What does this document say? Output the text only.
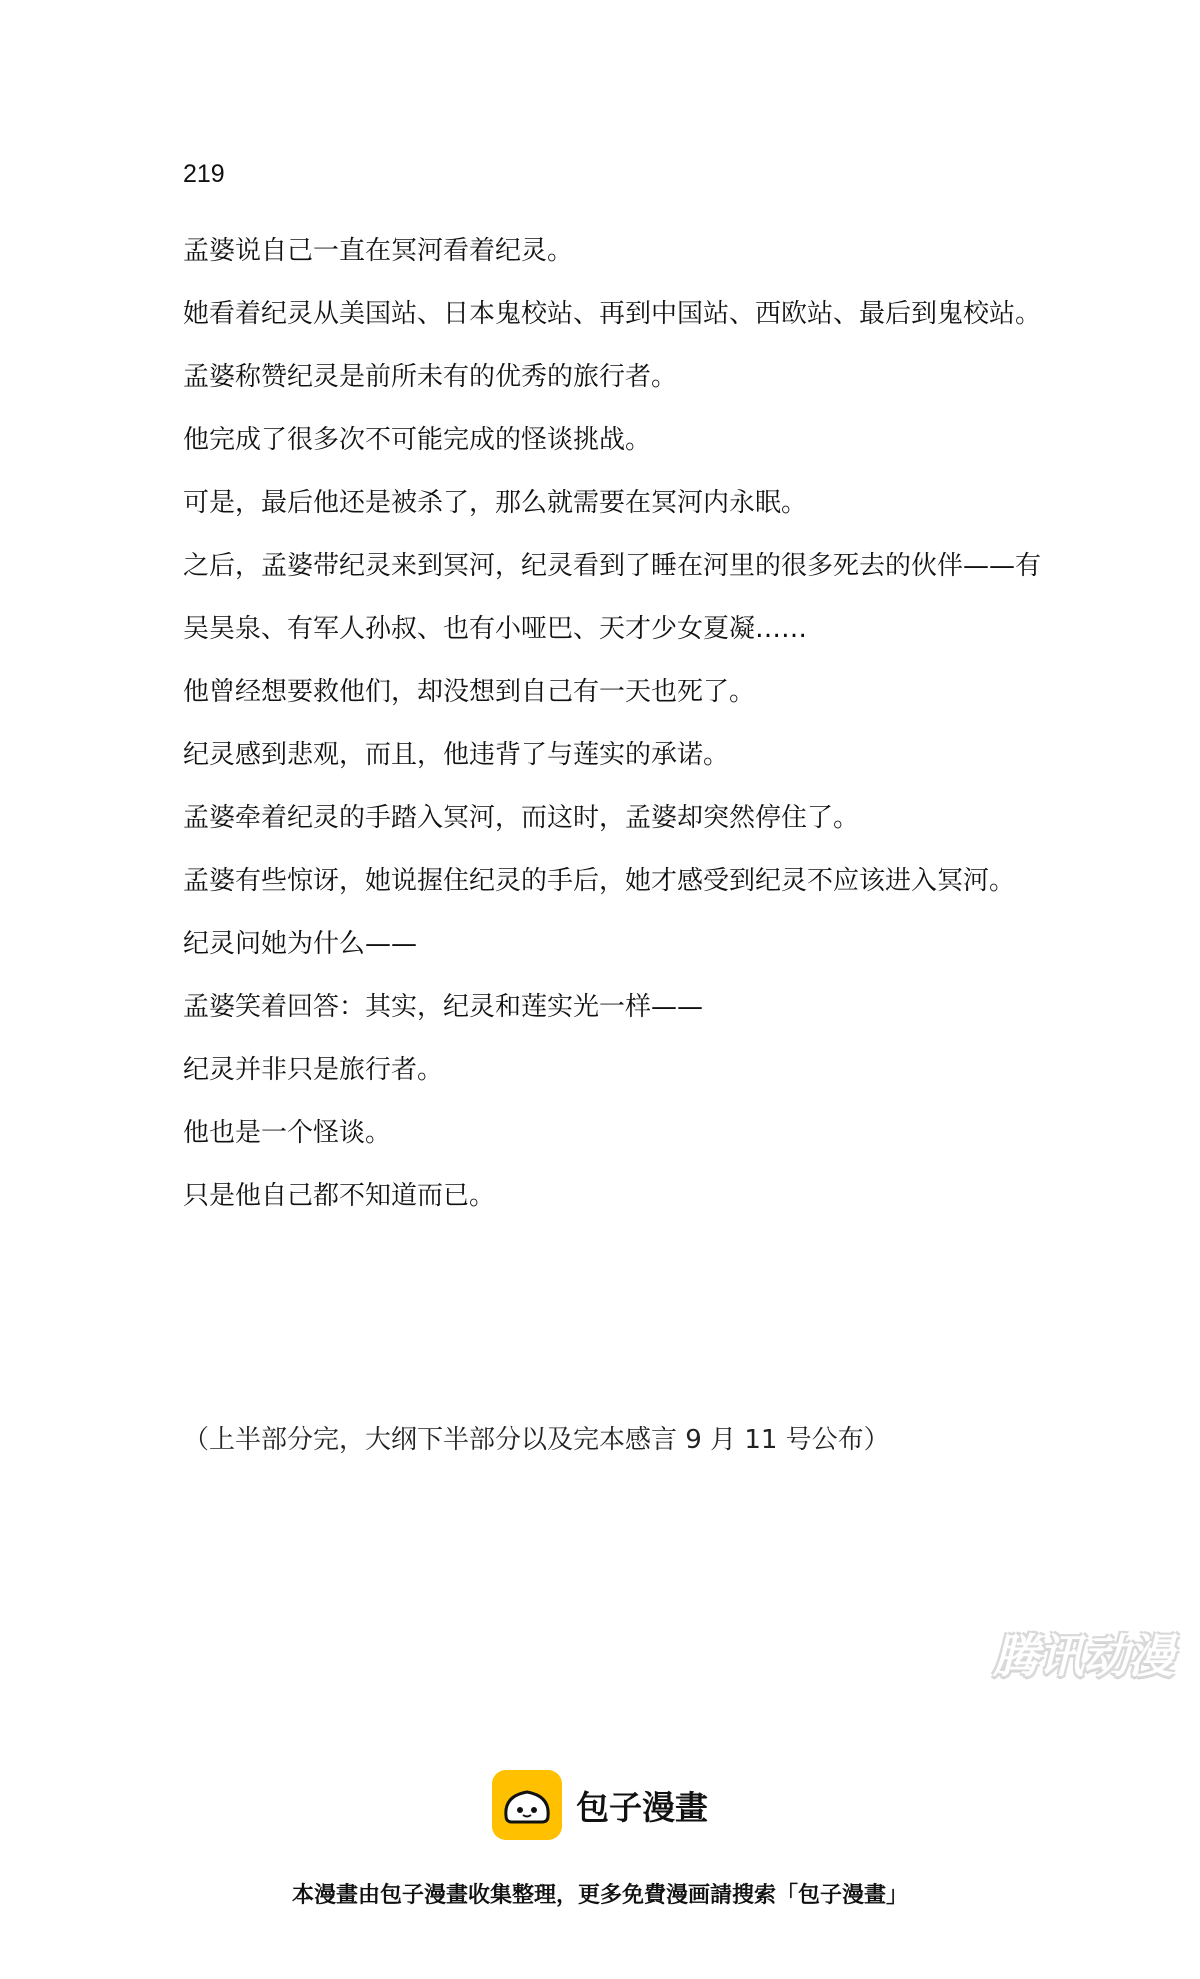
219

孟婆说自己一直在冥河看着纪灵。

她看着纪灵从美国站、日本鬼校站、再到中国站、西欧站、最后到鬼校站。

孟婆称赞纪灵是前所未有的优秀的旅行者。

他完成了很多次不可能完成的怪谈挑战。

可是，最后他还是被杀了，那么就需要在冥河内永眠。

之后，孟婆带纪灵来到冥河，纪灵看到了睡在河里的很多死去的伙伴——有吴昊泉、有军人孙叔、也有小哑巴、天才少女夏凝……

他曾经想要救他们，却没想到自己有一天也死了。

纪灵感到悲观，而且，他违背了与莲实的承诺。

孟婆牵着纪灵的手踏入冥河，而这时，孟婆却突然停住了。

孟婆有些惊讶，她说握住纪灵的手后，她才感受到纪灵不应该进入冥河。

纪灵问她为什么——

孟婆笑着回答：其实，纪灵和莲实光一样——

纪灵并非只是旅行者。

他也是一个怪谈。

只是他自己都不知道而已。

（上半部分完，大纲下半部分以及完本感言 9 月 11 号公布）
腾讯动漫
包子漫畫
本漫畫由包子漫畫收集整理，更多免費漫画請搜索「包子漫畫」
